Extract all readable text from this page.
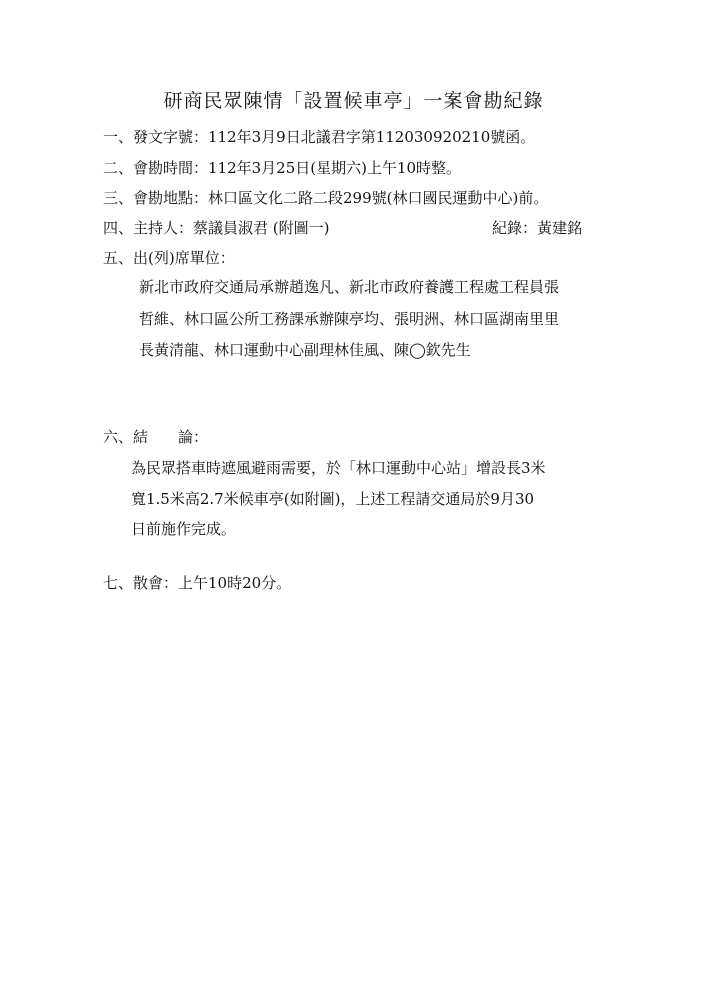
研商民眾陳情「設置候車亭」一案會勘紀錄
一、發文字號：112年3月9日北議君字第112030920210號函。
二、會勘時間：112年3月25日(星期六)上午10時整。
三、會勘地點：林口區文化二路二段299號(林口國民運動中心)前。
四、主持人：蔡議員淑君 (附圖一)	紀錄：黃建銘
五、出(列)席單位：
新北市政府交通局承辦趙逸凡、新北市政府養護工程處工程員張
哲維、林口區公所工務課承辦陳亭均、張明洲、林口區湖南里里
長黃清龍、林口運動中心副理林佳風、陳◯欽先生
六、結　　論：
為民眾搭車時遮風避雨需要，於「林口運動中心站」增設長3米
寬1.5米高2.7米候車亭(如附圖)，上述工程請交通局於9月30
日前施作完成。
七、散會：上午10時20分。
